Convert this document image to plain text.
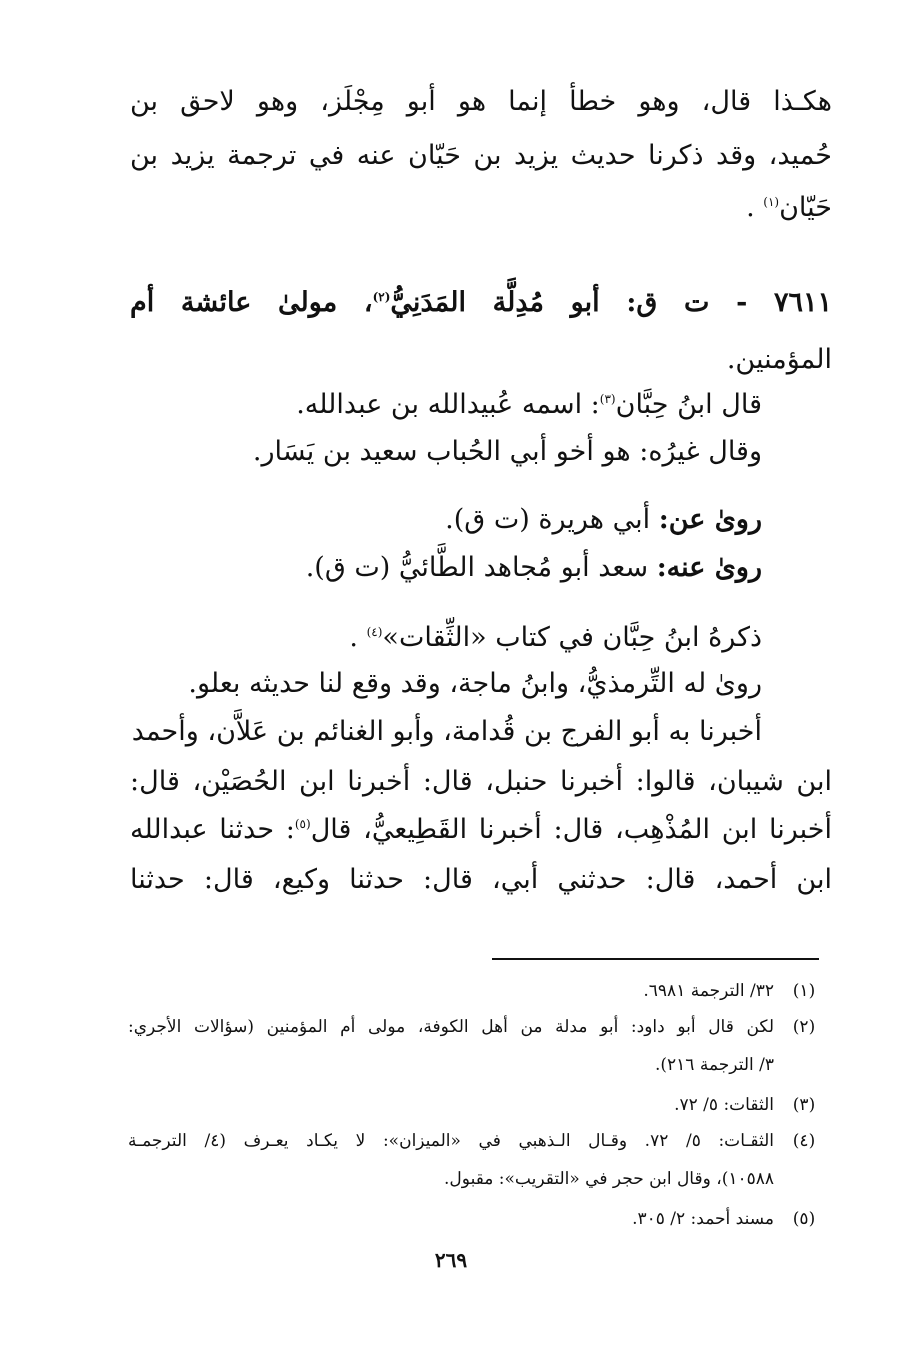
هكـذا قال، وهو خطأ إنما هو أبو مِجْلَز، وهو لاحق بن
حُميد، وقد ذكرنا حديث يزيد بن حَيّان عنه في ترجمة يزيد بن
حَيّان$^{(١)}$ .
٧٦١١ - ت ق: أبو مُدِلَّة المَدَنِيُّ$^{(٢)}$، مولىٰ عائشة أم
المؤمنين.
قال ابنُ حِبَّان$^{(٣)}$: اسمه عُبيدالله بن عبدالله.
وقال غيرُه: هو أخو أبي الحُباب سعيد بن يَسَار.
روىٰ عن: أبي هريرة (ت ق).
روىٰ عنه: سعد أبو مُجاهد الطَّائيُّ (ت ق).
ذكرهُ ابنُ حِبَّان في كتاب «الثِّقات»$^{(٤)}$ .
روىٰ له التِّرمذيُّ، وابنُ ماجة، وقد وقع لنا حديثه بعلو.
أخبرنا به أبو الفرج بن قُدامة، وأبو الغنائم بن عَلاَّن، وأحمد
ابن شيبان، قالوا: أخبرنا حنبل، قال: أخبرنا ابن الحُصَيْن، قال:
أخبرنا ابن المُذْهِب، قال: أخبرنا القَطِيعيُّ، قال$^{(٥)}$: حدثنا عبدالله
ابن أحمد، قال: حدثني أبي، قال: حدثنا وكيع، قال: حدثنا
(١)
٣٢/ الترجمة ٦٩٨١.
(٢)
لكن قال أبو داود: أبو مدلة من أهل الكوفة، مولى أم المؤمنين (سؤالات الأجري:
٣/ الترجمة ٢١٦).
(٣)
الثقات: ٥/ ٧٢.
(٤)
الثقـات: ٥/ ٧٢. وقـال الـذهبي في «الميزان»: لا يكـاد يعـرف (٤/ الترجمـة
١٠٥٨٨)، وقال ابن حجر في «التقريب»: مقبول.
(٥)
مسند أحمد: ٢/ ٣٠٥.
٢٦٩
